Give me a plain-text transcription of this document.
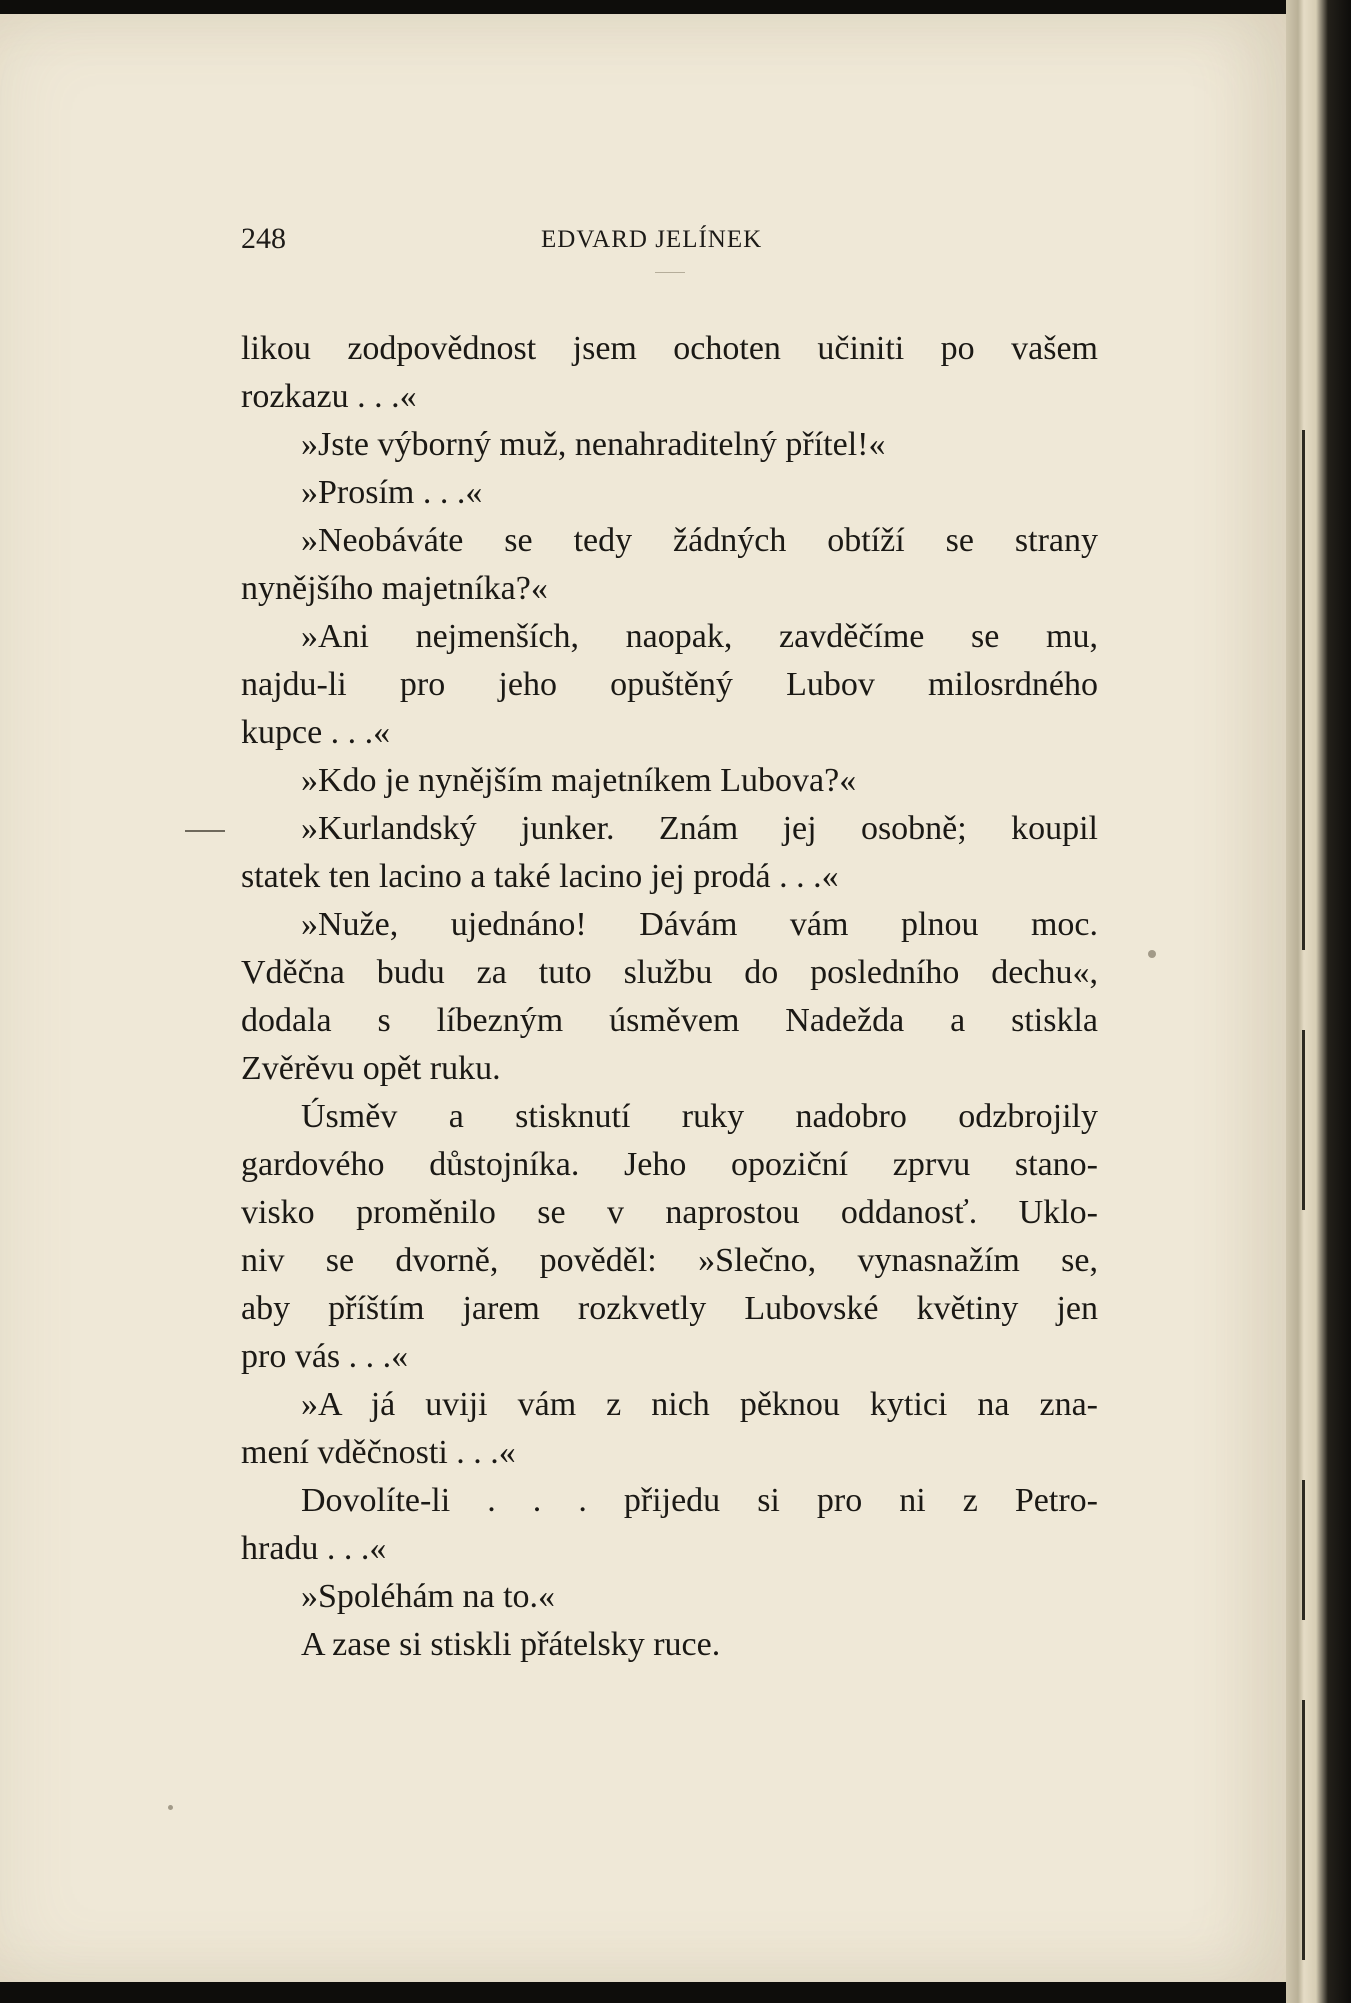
248	EDVARD JELÍNEK
likou zodpovědnost jsem ochoten učiniti po vašem
rozkazu . . .«
»Jste výborný muž, nenahraditelný přítel!«
»Prosím . . .«
»Neobáváte se tedy žádných obtíží se strany
nynějšího majetníka?«
»Ani nejmenších, naopak, zavděčíme se mu,
najdu-li pro jeho opuštěný Lubov milosrdného
kupce . . .«
»Kdo je nynějším majetníkem Lubova?«
»Kurlandský junker. Znám jej osobně; koupil
statek ten lacino a také lacino jej prodá . . .«
»Nuže, ujednáno! Dávám vám plnou moc.
Vděčna budu za tuto službu do posledního dechu«,
dodala s líbezným úsměvem Nadežda a stiskla
Zvěrěvu opět ruku.
Úsměv a stisknutí ruky nadobro odzbrojily
gardového důstojníka. Jeho opoziční zprvu stano-
visko proměnilo se v naprostou oddanosť. Uklo-
niv se dvorně, pověděl: »Slečno, vynasnažím se,
aby příštím jarem rozkvetly Lubovské květiny jen
pro vás . . .«
»A já uviji vám z nich pěknou kytici na zna-
mení vděčnosti . . .«
Dovolíte-li . . . přijedu si pro ni z Petro-
hradu . . .«
»Spoléhám na to.«
A zase si stiskli přátelsky ruce.
